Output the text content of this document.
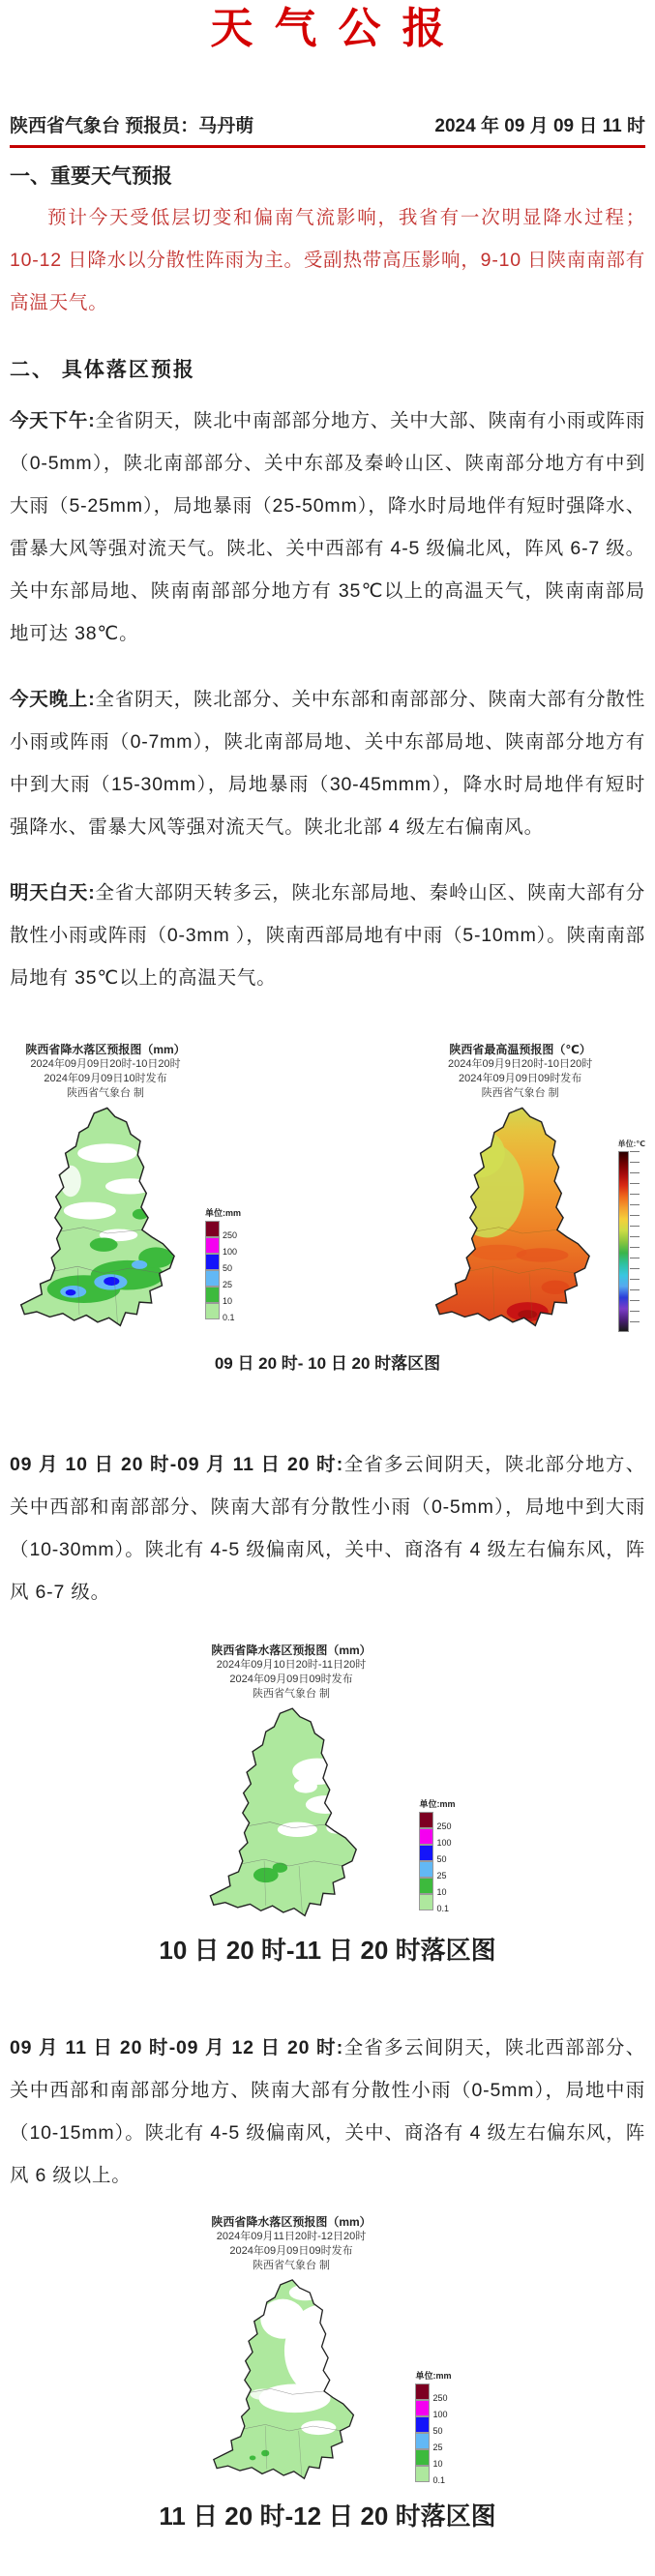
天气公报
陕西省气象台 预报员：马丹萌	2024 年 09 月 09 日 11 时
一、重要天气预报

预计今天受低层切变和偏南气流影响，我省有一次明显降水过程；10-12 日降水以分散性阵雨为主。受副热带高压影响，9-10 日陕南南部有高温天气。

二、 具体落区预报

今天下午:全省阴天，陕北中南部部分地方、关中大部、陕南有小雨或阵雨（0-5mm），陕北南部部分、关中东部及秦岭山区、陕南部分地方有中到大雨（5-25mm），局地暴雨（25-50mm），降水时局地伴有短时强降水、雷暴大风等强对流天气。陕北、关中西部有 4-5 级偏北风，阵风 6-7 级。关中东部局地、陕南南部部分地方有 35℃以上的高温天气，陕南南部局地可达 38℃。

今天晚上:全省阴天，陕北部分、关中东部和南部部分、陕南大部有分散性小雨或阵雨（0-7mm），陕北南部局地、关中东部局地、陕南部分地方有中到大雨（15-30mm），局地暴雨（30-45mmm），降水时局地伴有短时强降水、雷暴大风等强对流天气。陕北北部 4 级左右偏南风。

明天白天:全省大部阴天转多云，陕北东部局地、秦岭山区、陕南大部有分散性小雨或阵雨（0-3mm ），陕南西部局地有中雨（5-10mm）。陕南南部局地有 35℃以上的高温天气。

陕西省降水落区预报图（mm）
2024年09月09日20时-10日20时
2024年09月09日10时发布
陕西省气象台 制
单位:mm
250
100
50
25
10
0.1
陕西省最高温预报图（℃）
2024年09月9日20时-10日20时
2024年09月09日09时发布
陕西省气象台 制
单位:℃
09 日 20 时- 10 日 20 时落区图

09 月 10 日 20 时-09 月 11 日 20 时:全省多云间阴天，陕北部分地方、关中西部和南部部分、陕南大部有分散性小雨（0-5mm），局地中到大雨（10-30mm）。陕北有 4-5 级偏南风，关中、商洛有 4 级左右偏东风，阵风 6-7 级。

陕西省降水落区预报图（mm）
2024年09月10日20时-11日20时
2024年09月09日09时发布
陕西省气象台 制
单位:mm
250
100
50
25
10
0.1
10 日 20 时-11 日 20 时落区图

09 月 11 日 20 时-09 月 12 日 20 时:全省多云间阴天，陕北西部部分、关中西部和南部部分地方、陕南大部有分散性小雨（0-5mm），局地中雨（10-15mm）。陕北有 4-5 级偏南风，关中、商洛有 4 级左右偏东风，阵风 6 级以上。

陕西省降水落区预报图（mm）
2024年09月11日20时-12日20时
2024年09月09日09时发布
陕西省气象台 制
单位:mm
250
100
50
25
10
0.1
11 日 20 时-12 日 20 时落区图
